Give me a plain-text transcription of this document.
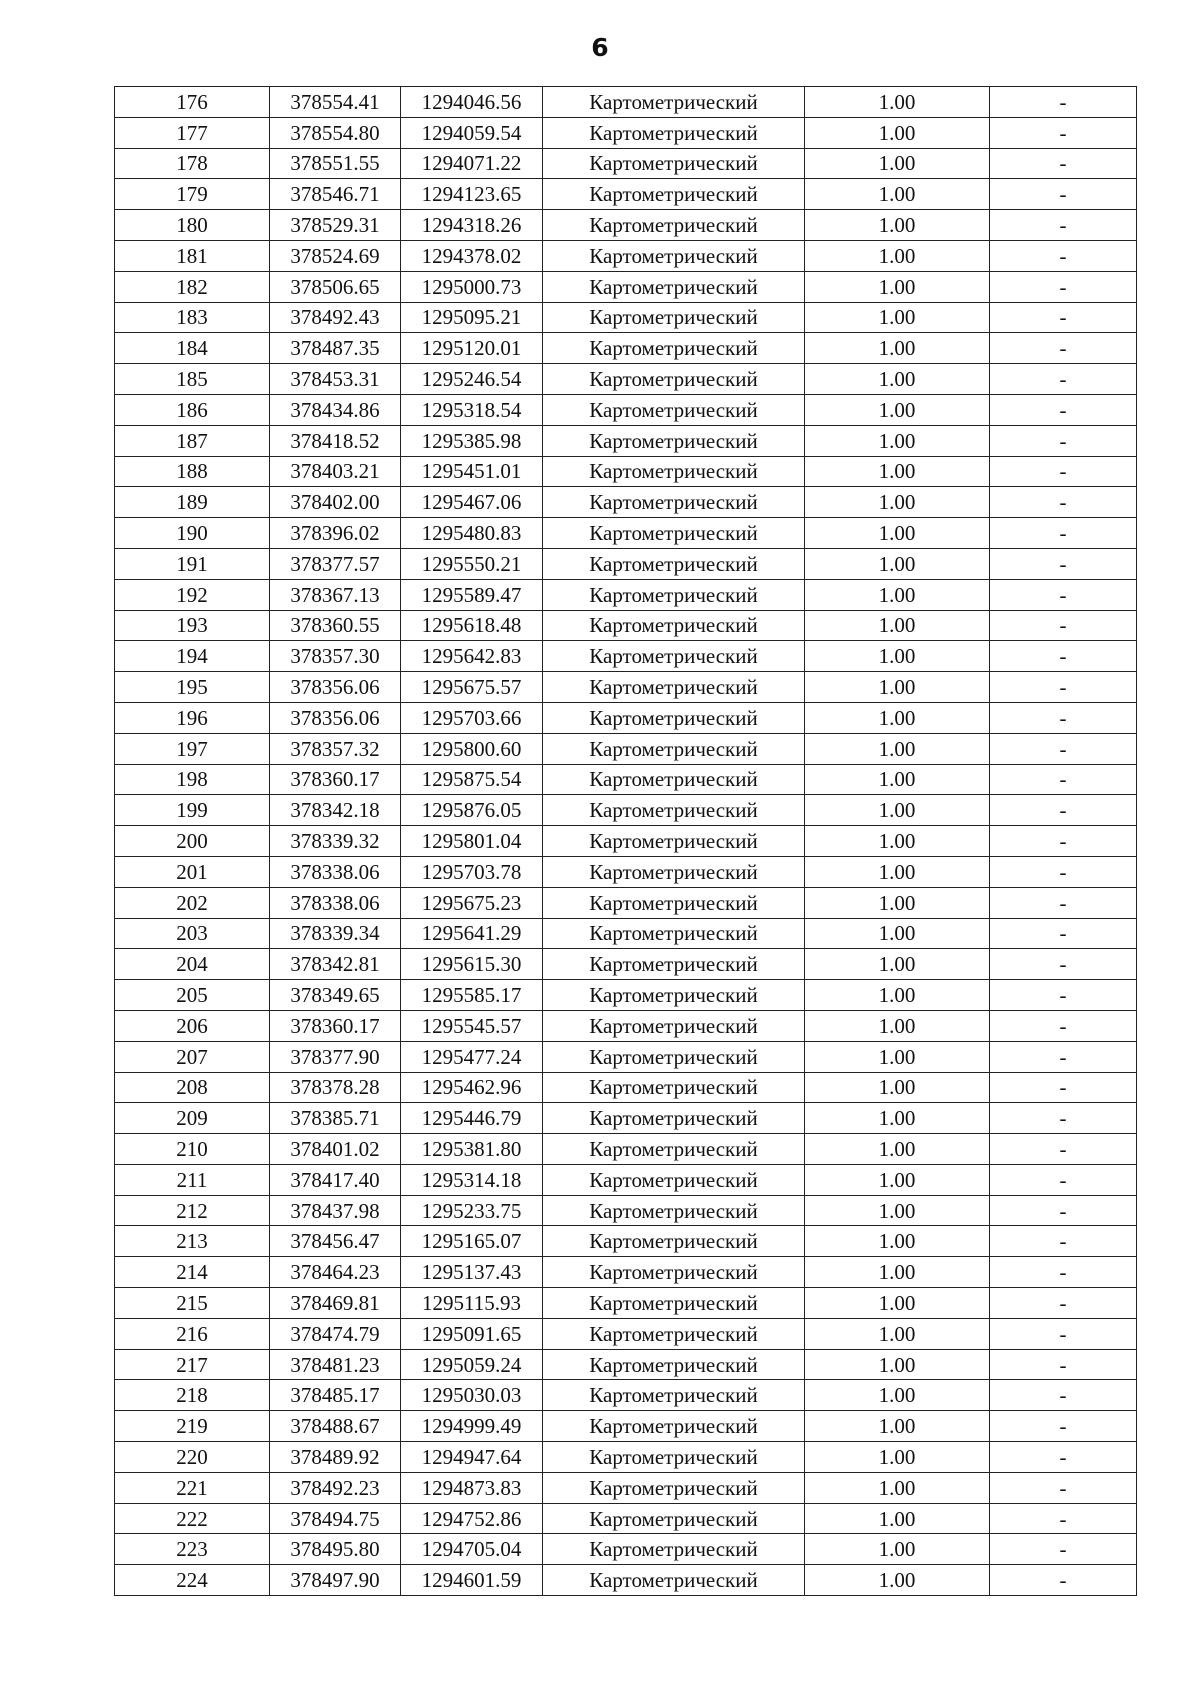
6
176	378554.41	1294046.56	Картометрический	1.00	-
177	378554.80	1294059.54	Картометрический	1.00	-
178	378551.55	1294071.22	Картометрический	1.00	-
179	378546.71	1294123.65	Картометрический	1.00	-
180	378529.31	1294318.26	Картометрический	1.00	-
181	378524.69	1294378.02	Картометрический	1.00	-
182	378506.65	1295000.73	Картометрический	1.00	-
183	378492.43	1295095.21	Картометрический	1.00	-
184	378487.35	1295120.01	Картометрический	1.00	-
185	378453.31	1295246.54	Картометрический	1.00	-
186	378434.86	1295318.54	Картометрический	1.00	-
187	378418.52	1295385.98	Картометрический	1.00	-
188	378403.21	1295451.01	Картометрический	1.00	-
189	378402.00	1295467.06	Картометрический	1.00	-
190	378396.02	1295480.83	Картометрический	1.00	-
191	378377.57	1295550.21	Картометрический	1.00	-
192	378367.13	1295589.47	Картометрический	1.00	-
193	378360.55	1295618.48	Картометрический	1.00	-
194	378357.30	1295642.83	Картометрический	1.00	-
195	378356.06	1295675.57	Картометрический	1.00	-
196	378356.06	1295703.66	Картометрический	1.00	-
197	378357.32	1295800.60	Картометрический	1.00	-
198	378360.17	1295875.54	Картометрический	1.00	-
199	378342.18	1295876.05	Картометрический	1.00	-
200	378339.32	1295801.04	Картометрический	1.00	-
201	378338.06	1295703.78	Картометрический	1.00	-
202	378338.06	1295675.23	Картометрический	1.00	-
203	378339.34	1295641.29	Картометрический	1.00	-
204	378342.81	1295615.30	Картометрический	1.00	-
205	378349.65	1295585.17	Картометрический	1.00	-
206	378360.17	1295545.57	Картометрический	1.00	-
207	378377.90	1295477.24	Картометрический	1.00	-
208	378378.28	1295462.96	Картометрический	1.00	-
209	378385.71	1295446.79	Картометрический	1.00	-
210	378401.02	1295381.80	Картометрический	1.00	-
211	378417.40	1295314.18	Картометрический	1.00	-
212	378437.98	1295233.75	Картометрический	1.00	-
213	378456.47	1295165.07	Картометрический	1.00	-
214	378464.23	1295137.43	Картометрический	1.00	-
215	378469.81	1295115.93	Картометрический	1.00	-
216	378474.79	1295091.65	Картометрический	1.00	-
217	378481.23	1295059.24	Картометрический	1.00	-
218	378485.17	1295030.03	Картометрический	1.00	-
219	378488.67	1294999.49	Картометрический	1.00	-
220	378489.92	1294947.64	Картометрический	1.00	-
221	378492.23	1294873.83	Картометрический	1.00	-
222	378494.75	1294752.86	Картометрический	1.00	-
223	378495.80	1294705.04	Картометрический	1.00	-
224	378497.90	1294601.59	Картометрический	1.00	-
